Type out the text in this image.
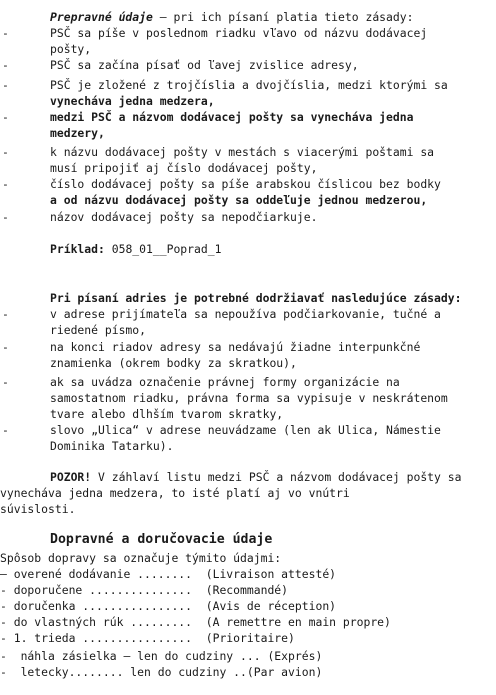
Prepravné údaje – pri ich písaní platia tieto zásady:
-	PSČ sa píše v poslednom riadku vľavo od názvu dodávacej
pošty,
-	PSČ sa začína písať od ľavej zvislice adresy,
-	PSČ je zložené z trojčíslia a dvojčíslia, medzi ktorými sa
vynecháva jedna medzera,
-	medzi PSČ a názvom dodávacej pošty sa vynecháva jedna
medzery,
-	k názvu dodávacej pošty v mestách s viacerými poštami sa
musí pripojiť aj číslo dodávacej pošty,
-	číslo dodávacej pošty sa píše arabskou číslicou bez bodky
a od názvu dodávacej pošty sa oddeľuje jednou medzerou,
-	názov dodávacej pošty sa nepodčiarkuje.
Príklad: 058_01__Poprad_1
Pri písaní adries je potrebné dodržiavať nasledujúce zásady:
-	v adrese prijímateľa sa nepoužíva podčiarkovanie, tučné a
riedené písmo,
-	na konci riadov adresy sa nedávajú žiadne interpunkčné
znamienka (okrem bodky za skratkou),
-	ak sa uvádza označenie právnej formy organizácie na
samostatnom riadku, právna forma sa vypisuje v neskrátenom
tvare alebo dlhším tvarom skratky,
-	slovo „Ulica“ v adrese neuvádzame (len ak Ulica, Námestie
Dominika Tatarku).
POZOR! V záhlaví listu medzi PSČ a názvom dodávacej pošty sa
vynecháva jedna medzera, to isté platí aj vo vnútri
súvislosti.
Dopravné a doručovacie údaje
Spôsob dopravy sa označuje týmito údajmi:
– overené dodávanie ........  (Livraison attesté)
- doporučene ...............  (Recommandé)
- doručenka ................  (Avis de réception)
- do vlastných rúk .........  (A remettre en main propre)
- 1. trieda ................  (Prioritaire)
-  náhla zásielka – len do cudziny ... (Exprés)
-  letecky........ len do cudziny ..(Par avion)
